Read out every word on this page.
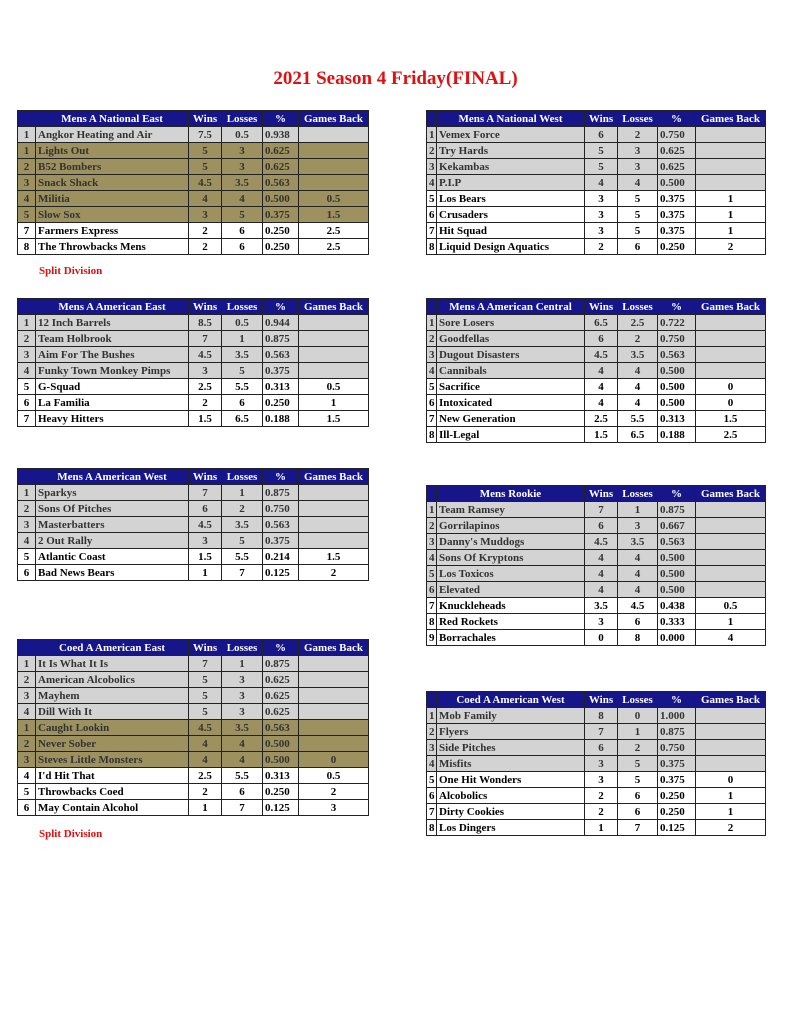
2021 Season 4 Friday(FINAL)
	Mens A National East	Wins	Losses	%	Games Back
1	Angkor Heating and Air	7.5	0.5	0.938	
1	Lights Out	5	3	0.625	
2	B52 Bombers	5	3	0.625	
3	Snack Shack	4.5	3.5	0.563	
4	Militia	4	4	0.500	0.5
5	Slow Sox	3	5	0.375	1.5
7	Farmers Express	2	6	0.250	2.5
8	The Throwbacks Mens	2	6	0.250	2.5
Split Division
	Mens A National West	Wins	Losses	%	Games Back
1	Vemex Force	6	2	0.750	
2	Try Hards	5	3	0.625	
3	Kekambas	5	3	0.625	
4	P.I.P	4	4	0.500	
5	Los Bears	3	5	0.375	1
6	Crusaders	3	5	0.375	1
7	Hit Squad	3	5	0.375	1
8	Liquid Design Aquatics	2	6	0.250	2
	Mens A American East	Wins	Losses	%	Games Back
1	12 Inch Barrels	8.5	0.5	0.944	
2	Team Holbrook	7	1	0.875	
3	Aim For The Bushes	4.5	3.5	0.563	
4	Funky Town Monkey Pimps	3	5	0.375	
5	G-Squad	2.5	5.5	0.313	0.5
6	La Familia	2	6	0.250	1
7	Heavy Hitters	1.5	6.5	0.188	1.5
	Mens A American Central	Wins	Losses	%	Games Back
1	Sore Losers	6.5	2.5	0.722	
2	Goodfellas	6	2	0.750	
3	Dugout Disasters	4.5	3.5	0.563	
4	Cannibals	4	4	0.500	
5	Sacrifice	4	4	0.500	0
6	Intoxicated	4	4	0.500	0
7	New Generation	2.5	5.5	0.313	1.5
8	Ill-Legal	1.5	6.5	0.188	2.5
	Mens A American West	Wins	Losses	%	Games Back
1	Sparkys	7	1	0.875	
2	Sons Of Pitches	6	2	0.750	
3	Masterbatters	4.5	3.5	0.563	
4	2 Out Rally	3	5	0.375	
5	Atlantic Coast	1.5	5.5	0.214	1.5
6	Bad News Bears	1	7	0.125	2
	Mens Rookie	Wins	Losses	%	Games Back
1	Team Ramsey	7	1	0.875	
2	Gorrilapinos	6	3	0.667	
3	Danny's Muddogs	4.5	3.5	0.563	
4	Sons Of Kryptons	4	4	0.500	
5	Los Toxicos	4	4	0.500	
6	Elevated	4	4	0.500	
7	Knuckleheads	3.5	4.5	0.438	0.5
8	Red Rockets	3	6	0.333	1
9	Borrachales	0	8	0.000	4
	Coed A American East	Wins	Losses	%	Games Back
1	It Is What It Is	7	1	0.875	
2	American Alcobolics	5	3	0.625	
3	Mayhem	5	3	0.625	
4	Dill With It	5	3	0.625	
1	Caught Lookin	4.5	3.5	0.563	
2	Never Sober	4	4	0.500	
3	Steves Little Monsters	4	4	0.500	0
4	I'd Hit That	2.5	5.5	0.313	0.5
5	Throwbacks Coed	2	6	0.250	2
6	May Contain Alcohol	1	7	0.125	3
Split Division
	Coed A American West	Wins	Losses	%	Games Back
1	Mob Family	8	0	1.000	
2	Flyers	7	1	0.875	
3	Side Pitches	6	2	0.750	
4	Misfits	3	5	0.375	
5	One Hit Wonders	3	5	0.375	0
6	Alcobolics	2	6	0.250	1
7	Dirty Cookies	2	6	0.250	1
8	Los Dingers	1	7	0.125	2
